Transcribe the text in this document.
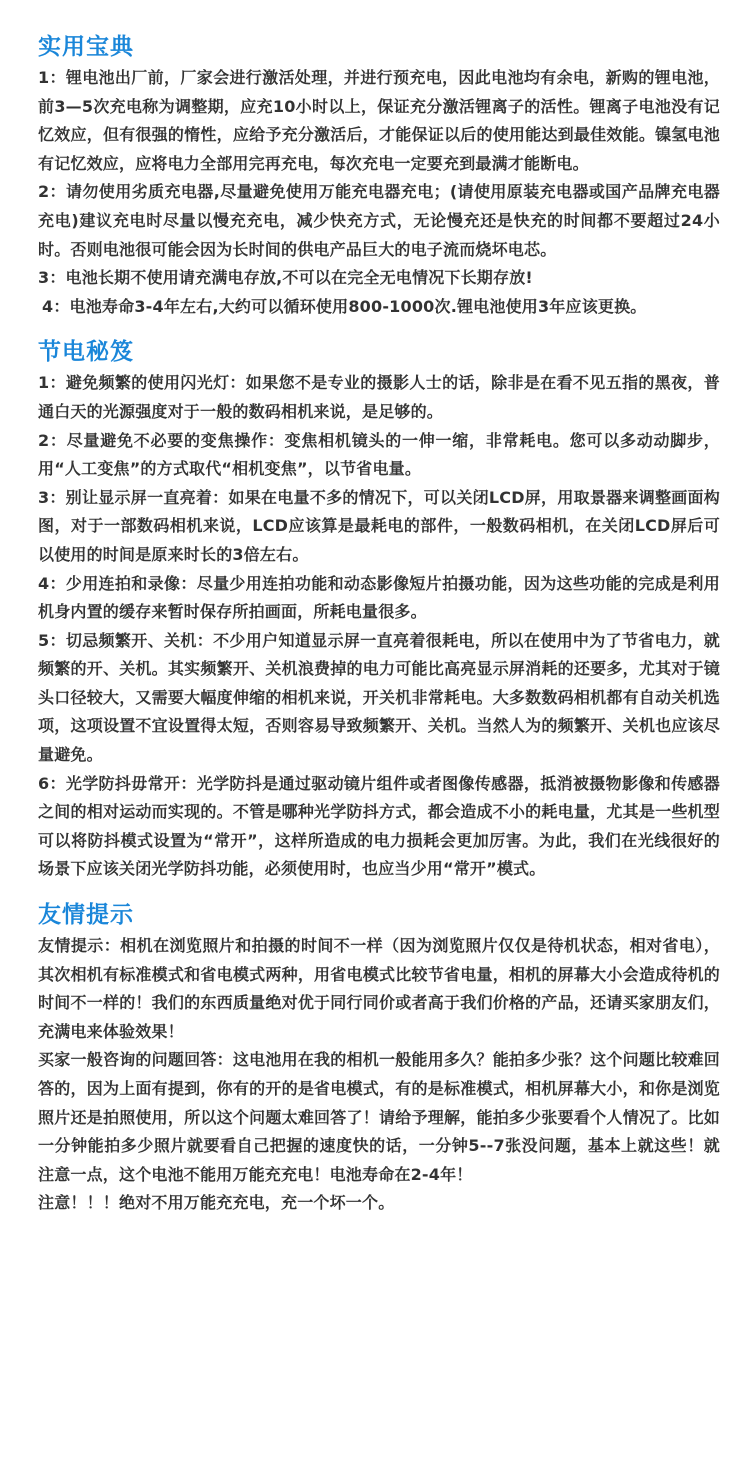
实用宝典

1：锂电池出厂前，厂家会进行激活处理，并进行预充电，因此电池均有余电，新购的锂电池，前3—5次充电称为调整期，应充10小时以上，保证充分激活锂离子的活性。锂离子电池没有记忆效应，但有很强的惰性，应给予充分激活后，才能保证以后的使用能达到最佳效能。镍氢电池有记忆效应，应将电力全部用完再充电，每次充电一定要充到最满才能断电。

2：请勿使用劣质充电器,尽量避免使用万能充电器充电；(请使用原装充电器或国产品牌充电器充电)建议充电时尽量以慢充充电，减少快充方式，无论慢充还是快充的时间都不要超过24小时。否则电池很可能会因为长时间的供电产品巨大的电子流而烧坏电芯。

3：电池长期不使用请充满电存放,不可以在完全无电情况下长期存放!

4：电池寿命3-4年左右,大约可以循环使用800-1000次.锂电池使用3年应该更换。

节电秘笈

1：避免频繁的使用闪光灯：如果您不是专业的摄影人士的话，除非是在看不见五指的黑夜，普通白天的光源强度对于一般的数码相机来说，是足够的。

2：尽量避免不必要的变焦操作：变焦相机镜头的一伸一缩，非常耗电。您可以多动动脚步，用“人工变焦”的方式取代“相机变焦”，以节省电量。

3：别让显示屏一直亮着：如果在电量不多的情况下，可以关闭LCD屏，用取景器来调整画面构图，对于一部数码相机来说，LCD应该算是最耗电的部件，一般数码相机，在关闭LCD屏后可以使用的时间是原来时长的3倍左右。

4：少用连拍和录像：尽量少用连拍功能和动态影像短片拍摄功能，因为这些功能的完成是利用机身内置的缓存来暂时保存所拍画面，所耗电量很多。

5：切忌频繁开、关机：不少用户知道显示屏一直亮着很耗电，所以在使用中为了节省电力，就频繁的开、关机。其实频繁开、关机浪费掉的电力可能比高亮显示屏消耗的还要多，尤其对于镜头口径较大，又需要大幅度伸缩的相机来说，开关机非常耗电。大多数数码相机都有自动关机选项，这项设置不宜设置得太短，否则容易导致频繁开、关机。当然人为的频繁开、关机也应该尽量避免。

6：光学防抖毋常开：光学防抖是通过驱动镜片组件或者图像传感器，抵消被摄物影像和传感器之间的相对运动而实现的。不管是哪种光学防抖方式，都会造成不小的耗电量，尤其是一些机型可以将防抖模式设置为“常开”，这样所造成的电力损耗会更加厉害。为此，我们在光线很好的场景下应该关闭光学防抖功能，必须使用时，也应当少用“常开”模式。

友情提示

友情提示：相机在浏览照片和拍摄的时间不一样（因为浏览照片仅仅是待机状态，相对省电），其次相机有标准模式和省电模式两种，用省电模式比较节省电量，相机的屏幕大小会造成待机的时间不一样的！我们的东西质量绝对优于同行同价或者高于我们价格的产品，还请买家朋友们，充满电来体验效果！

买家一般咨询的问题回答：这电池用在我的相机一般能用多久？能拍多少张？这个问题比较难回答的，因为上面有提到，你有的开的是省电模式，有的是标准模式，相机屏幕大小，和你是浏览照片还是拍照使用，所以这个问题太难回答了！请给予理解，能拍多少张要看个人情况了。比如一分钟能拍多少照片就要看自己把握的速度快的话，一分钟5--7张没问题，基本上就这些！就注意一点，这个电池不能用万能充充电！电池寿命在2-4年！

注意！！！绝对不用万能充充电，充一个坏一个。
